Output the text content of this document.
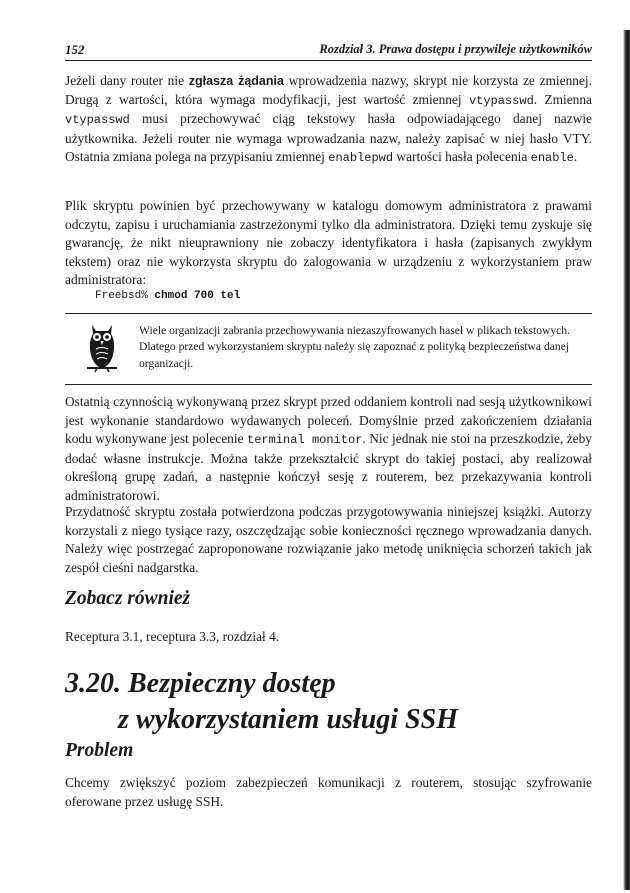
152	Rozdział 3. Prawa dostępu i przywileje użytkowników

Jeżeli dany router nie zgłasza żądania wprowadzenia nazwy, skrypt nie korzysta ze zmiennej. Drugą z wartości, która wymaga modyfikacji, jest wartość zmiennej vtypasswd. Zmienna vtypasswd musi przechowywać ciąg tekstowy hasła odpowiadającego danej nazwie użytkownika. Jeżeli router nie wymaga wprowadzania nazw, należy zapisać w niej hasło VTY. Ostatnia zmiana polega na przypisaniu zmiennej enablepwd wartości hasła polecenia enable.

Plik skryptu powinien być przechowywany w katalogu domowym administratora z prawami odczytu, zapisu i uruchamiania zastrzeżonymi tylko dla administratora. Dzięki temu zyskuje się gwarancję, że nikt nieuprawniony nie zobaczy identyfikatora i hasła (zapisanych zwykłym tekstem) oraz nie wykorzysta skryptu do zalogowania w urządzeniu z wykorzystaniem praw administratora:

Freebsd% chmod 700 tel

Wiele organizacji zabrania przechowywania niezaszyfrowanych haseł w plikach tekstowych. Dlatego przed wykorzystaniem skryptu należy się zapoznać z polityką bezpieczeństwa danej organizacji.

Ostatnią czynnością wykonywaną przez skrypt przed oddaniem kontroli nad sesją użytkownikowi jest wykonanie standardowo wydawanych poleceń. Domyślnie przed zakończeniem działania kodu wykonywane jest polecenie terminal monitor. Nic jednak nie stoi na przeszkodzie, żeby dodać własne instrukcje. Można także przekształcić skrypt do takiej postaci, aby realizował określoną grupę zadań, a następnie kończył sesję z routerem, bez przekazywania kontroli administratorowi.

Przydatność skryptu została potwierdzona podczas przygotowywania niniejszej książki. Autorzy korzystali z niego tysiące razy, oszczędzając sobie konieczności ręcznego wprowadzania danych. Należy więc postrzegać zaproponowane rozwiązanie jako metodę uniknięcia schorzeń takich jak zespół cieśni nadgarstka.

Zobacz również

Receptura 3.1, receptura 3.3, rozdział 4.

3.20. Bezpieczny dostęp
z wykorzystaniem usługi SSH
Problem

Chcemy zwiększyć poziom zabezpieczeń komunikacji z routerem, stosując szyfrowanie oferowane przez usługę SSH.
